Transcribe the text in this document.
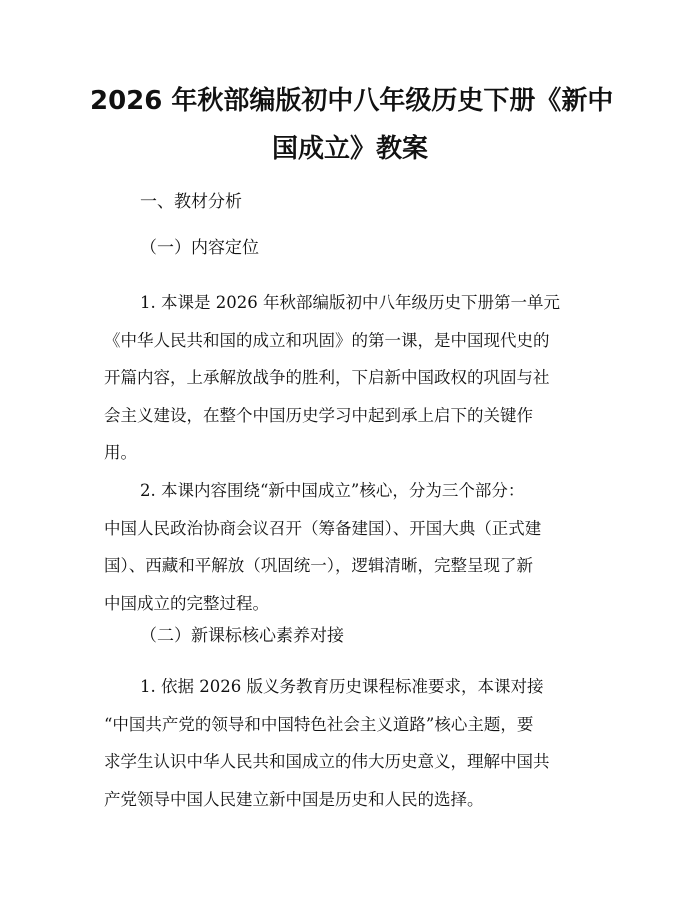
2026 年秋部编版初中八年级历史下册《新中
国成立》教案
一、教材分析
（一）内容定位
1. 本课是 2026 年秋部编版初中八年级历史下册第一单元
《中华人民共和国的成立和巩固》的第一课，是中国现代史的
开篇内容，上承解放战争的胜利，下启新中国政权的巩固与社
会主义建设，在整个中国历史学习中起到承上启下的关键作
用。
2. 本课内容围绕“新中国成立”核心，分为三个部分：
中国人民政治协商会议召开（筹备建国）、开国大典（正式建
国）、西藏和平解放（巩固统一），逻辑清晰，完整呈现了新
中国成立的完整过程。
（二）新课标核心素养对接
1. 依据 2026 版义务教育历史课程标准要求，本课对接
“中国共产党的领导和中国特色社会主义道路”核心主题，要
求学生认识中华人民共和国成立的伟大历史意义，理解中国共
产党领导中国人民建立新中国是历史和人民的选择。
